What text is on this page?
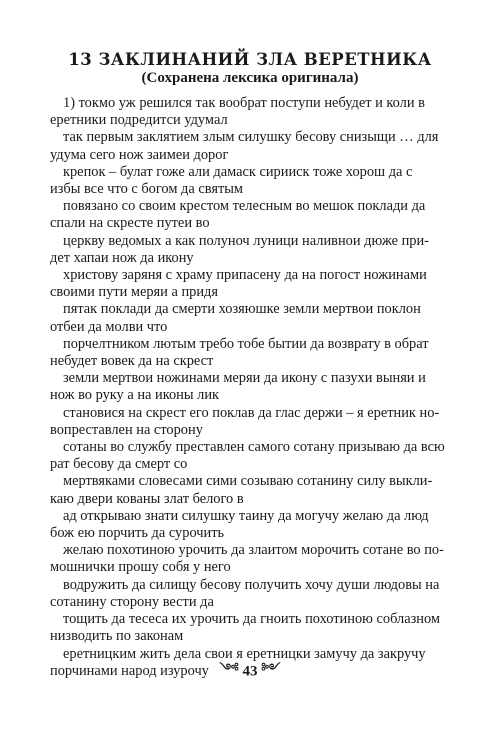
13 ЗАКЛИНАНИЙ ЗЛА ВЕРЕТНИКА
(Сохранена лексика оригинала)

1) токмо уж решился так вообрат поступи небудет и коли в
еретники подредитси удумал

так первым заклятием злым силушку бесову снизыщи … для
удума сего нож заимеи дорог

крепок – булат гоже али дамаск сирииск тоже хорош да с
избы все что с богом да святым

повязано со своим крестом телесным во мешок поклади да
спали на скресте путеи во

церкву ведомых а как полуноч луници наливнои дюже при-
дет хапаи нож да икону

христову заряня с храму припасену да на погост ножинами
своими пути меряи а придя

пятак поклади да смерти хозяюшке земли мертвои поклон
отбеи да молви что

порчелтником лютым требо тобе бытии да возврату в обрат
небудет вовек да на скрест

земли мертвои ножинами меряи да икону с пазухи выняи и
нож во руку а на иконы лик

становися на скрест его поклав да глас держи – я еретник но-
вопреставлен на сторону

сотаны во службу преставлен самого сотану призываю да всю
рат бесову да смерт со

мертвяками словесами сими созываю сотанину силу выкли-
каю двери кованы злат белого в

ад открываю знати силушку таину да могучу желаю да люд
бож ею порчить да сурочить

желаю похотиною урочить да злаитом морочить сотане во по-
мошнички прошу собя у него

водружить да силищу бесову получить хочу души людовы на
сотанину сторону вести да

тощить да тесеса их урочить да гноить похотиною соблазном
низводить по законам

еретницким жить дела свои я еретницки замучу да закручу
порчинами народ изурочу ༺ 43 ༻
